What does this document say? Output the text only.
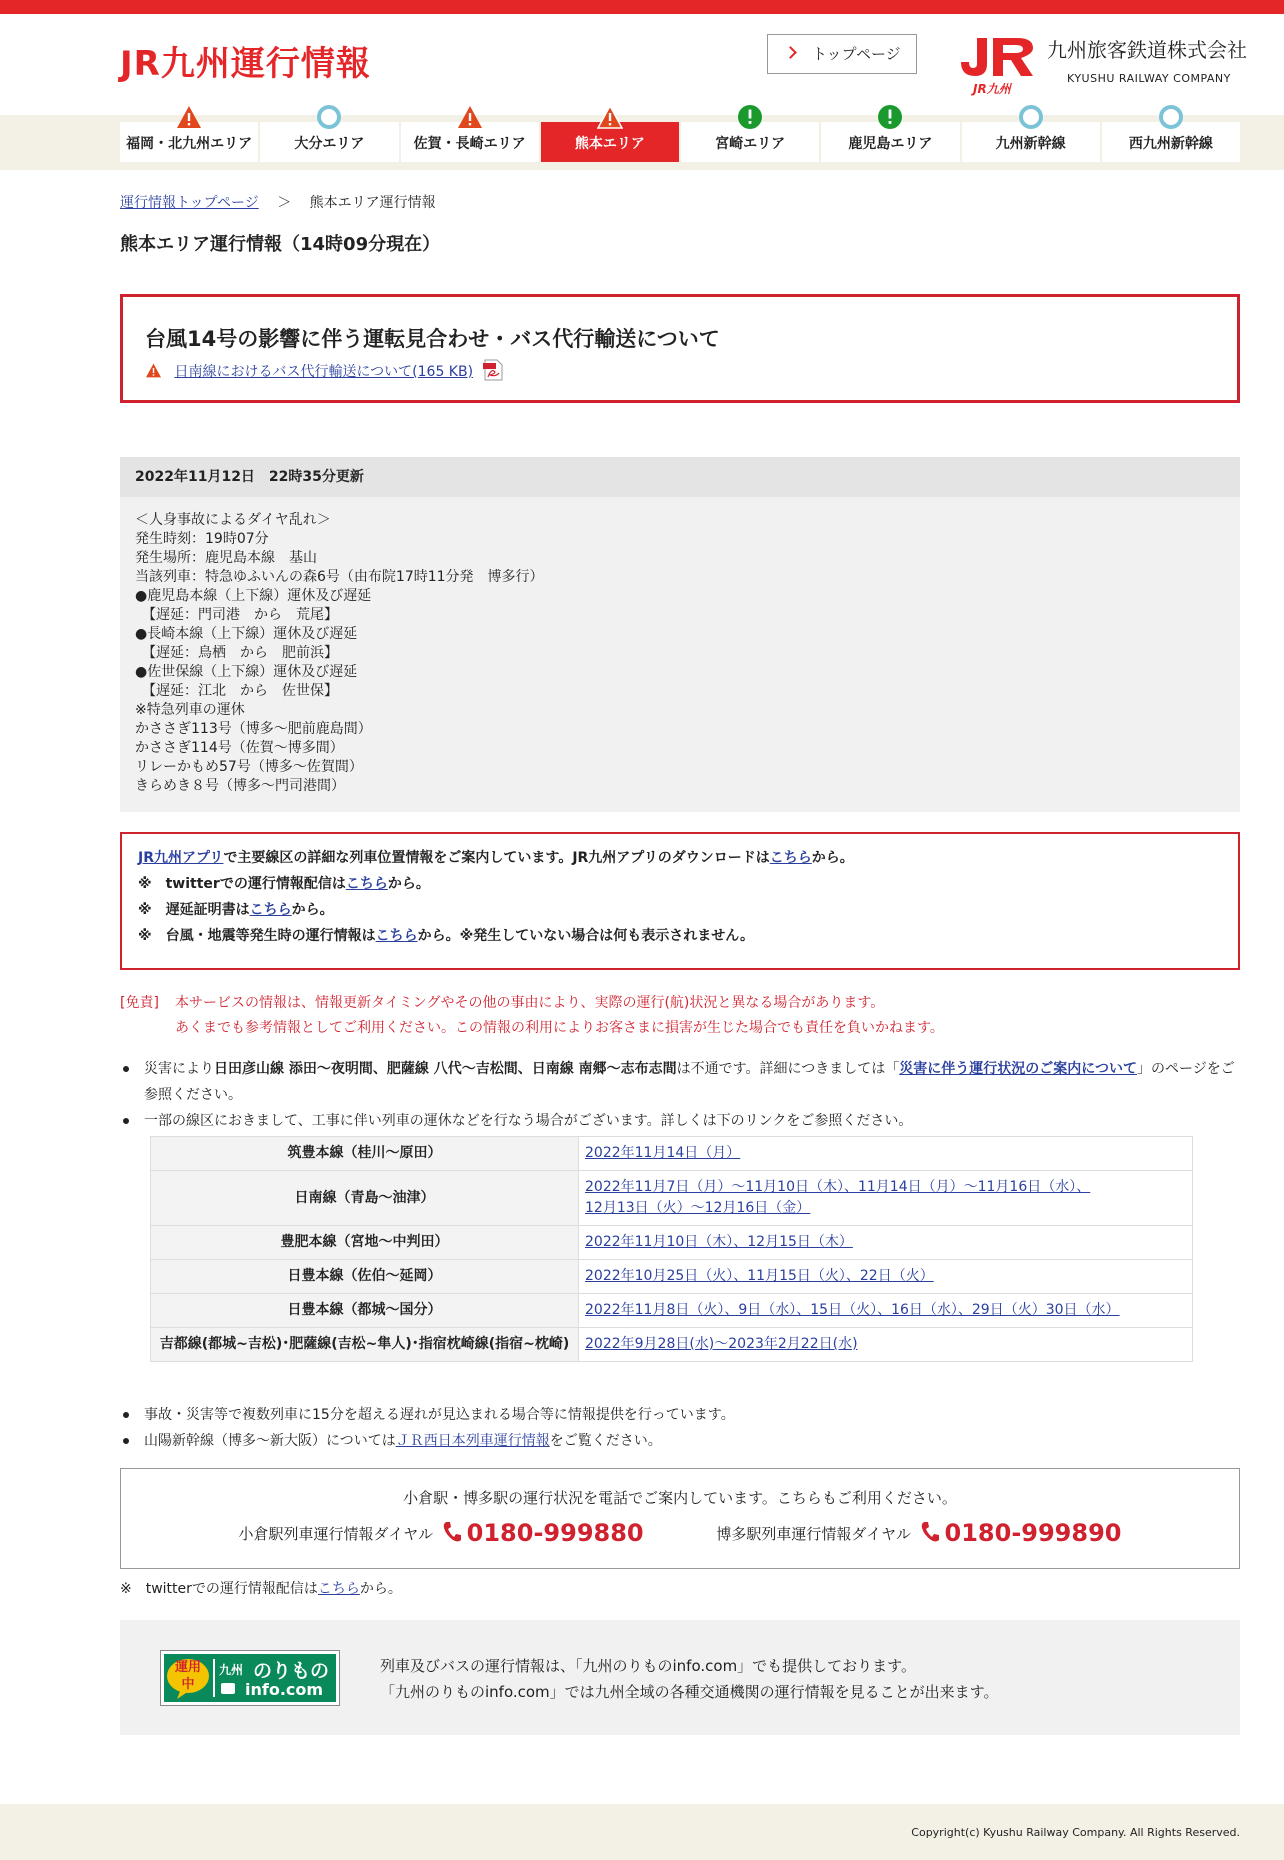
JR九州運行情報	トップページ
JR九州
九州旅客鉄道株式会社
KYUSHU RAILWAY COMPANY
福岡・北九州エリア	大分エリア	佐賀・長崎エリア	熊本エリア	宮崎エリア	鹿児島エリア	九州新幹線	西九州新幹線
運行情報トップページ ＞ 熊本エリア運行情報
熊本エリア運行情報（14時09分現在）
台風14号の影響に伴う運転見合わせ・バス代行輸送について
日南線におけるバス代行輸送について(165 KB)
2022年11月12日　22時35分更新
＜人身事故によるダイヤ乱れ＞
発生時刻：19時07分
発生場所：鹿児島本線　基山
当該列車：特急ゆふいんの森6号（由布院17時11分発　博多行）
●鹿児島本線（上下線）運休及び遅延
　【遅延：門司港　から　荒尾】
●長崎本線（上下線）運休及び遅延
　【遅延：鳥栖　から　肥前浜】
●佐世保線（上下線）運休及び遅延
　【遅延：江北　から　佐世保】
※特急列車の運休
かささぎ113号（博多～肥前鹿島間）
かささぎ114号（佐賀～博多間）
リレーかもめ57号（博多～佐賀間）
きらめき８号（博多～門司港間）

JR九州アプリで主要線区の詳細な列車位置情報をご案内しています。JR九州アプリのダウンロードはこちらから。

※　twitterでの運行情報配信はこちらから。

※　遅延証明書はこちらから。

※　台風・地震等発生時の運行情報はこちらから。※発生していない場合は何も表示されません。

[免責] 本サービスの情報は、情報更新タイミングやその他の事由により、実際の運行(航)状況と異なる場合があります。
あくまでも参考情報としてご利用ください。この情報の利用によりお客さまに損害が生じた場合でも責任を負いかねます。
災害により日田彦山線 添田～夜明間、肥薩線 八代～吉松間、日南線 南郷～志布志間は不通です。詳細につきましては「災害に伴う運行状況のご案内について」のページをご参照ください。
一部の線区におきまして、工事に伴い列車の運休などを行なう場合がございます。詳しくは下のリンクをご参照ください。
筑豊本線（桂川～原田）	2022年11月14日（月）
日南線（青島～油津）	2022年11月7日（月）～11月10日（木）、11月14日（月）～11月16日（水）、
12月13日（火）～12月16日（金）
豊肥本線（宮地～中判田）	2022年11月10日（木）、12月15日（木）
日豊本線（佐伯～延岡）	2022年10月25日（火）、11月15日（火）、22日（火）
日豊本線（都城～国分）	2022年11月8日（火）、9日（水）、15日（火）、16日（水）、29日（火）30日（水）
吉都線(都城~吉松)･肥薩線(吉松~隼人)･指宿枕崎線(指宿~枕崎)	2022年9月28日(水)～2023年2月22日(水)
事故・災害等で複数列車に15分を超える遅れが見込まれる場合等に情報提供を行っています。
山陽新幹線（博多～新大阪）についてはＪＲ西日本列車運行情報をご覧ください。
小倉駅・博多駅の運行状況を電話でご案内しています。こちらもご利用ください。
小倉駅列車運行情報ダイヤル 0180-999880	博多駅列車運行情報ダイヤル 0180-999890
※　twitterでの運行情報配信はこちらから。
運用中
九州 のりもの
info.com
列車及びバスの運行情報は、「九州のりものinfo.com」でも提供しております。
「九州のりものinfo.com」では九州全域の各種交通機関の運行情報を見ることが出来ます。
Copyright(c) Kyushu Railway Company. All Rights Reserved.
